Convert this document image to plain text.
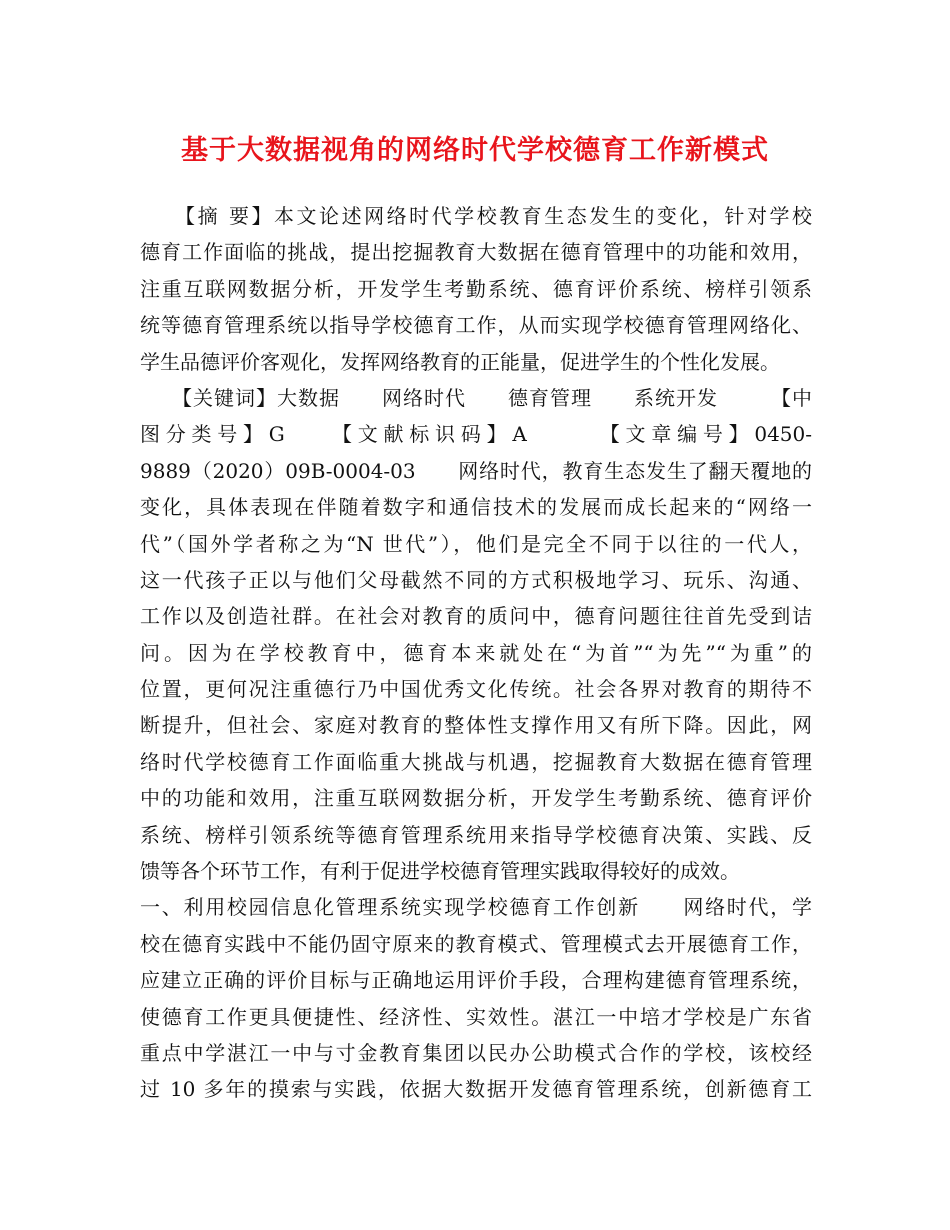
基于大数据视角的网络时代学校德育工作新模式
　　【摘 要】本文论述网络时代学校教育生态发生的变化，针对学校
德育工作面临的挑战，提出挖掘教育大数据在德育管理中的功能和效用，
注重互联网数据分析，开发学生考勤系统、德育评价系统、榜样引领系
统等德育管理系统以指导学校德育工作，从而实现学校德育管理网络化、
学生品德评价客观化，发挥网络教育的正能量，促进学生的个性化发展。
　　【关键词】大数据　　网络时代　　德育管理　　系统开发　　　【中
图分类号】G　　【文献标识码】A　　　【文章编号】0450-
9889（2020）09B-0004-03　　网络时代，教育生态发生了翻天覆地的
变化，具体表现在伴随着数字和通信技术的发展而成长起来的“网络一
代”（国外学者称之为“N 世代”），他们是完全不同于以往的一代人，
这一代孩子正以与他们父母截然不同的方式积极地学习、玩乐、沟通、
工作以及创造社群。在社会对教育的质问中，德育问题往往首先受到诘
问。因为在学校教育中，德育本来就处在“为首”“为先”“为重”的
位置，更何况注重德行乃中国优秀文化传统。社会各界对教育的期待不
断提升，但社会、家庭对教育的整体性支撑作用又有所下降。因此，网
络时代学校德育工作面临重大挑战与机遇，挖掘教育大数据在德育管理
中的功能和效用，注重互联网数据分析，开发学生考勤系统、德育评价
系统、榜样引领系统等德育管理系统用来指导学校德育决策、实践、反
馈等各个环节工作，有利于促进学校德育管理实践取得较好的成效。
一、利用校园信息化管理系统实现学校德育工作创新　　网络时代，学
校在德育实践中不能仍固守原来的教育模式、管理模式去开展德育工作，
应建立正确的评价目标与正确地运用评价手段，合理构建德育管理系统，
使德育工作更具便捷性、经济性、实效性。湛江一中培才学校是广东省
重点中学湛江一中与寸金教育集团以民办公助模式合作的学校，该校经
过 10 多年的摸索与实践，依据大数据开发德育管理系统，创新德育工
